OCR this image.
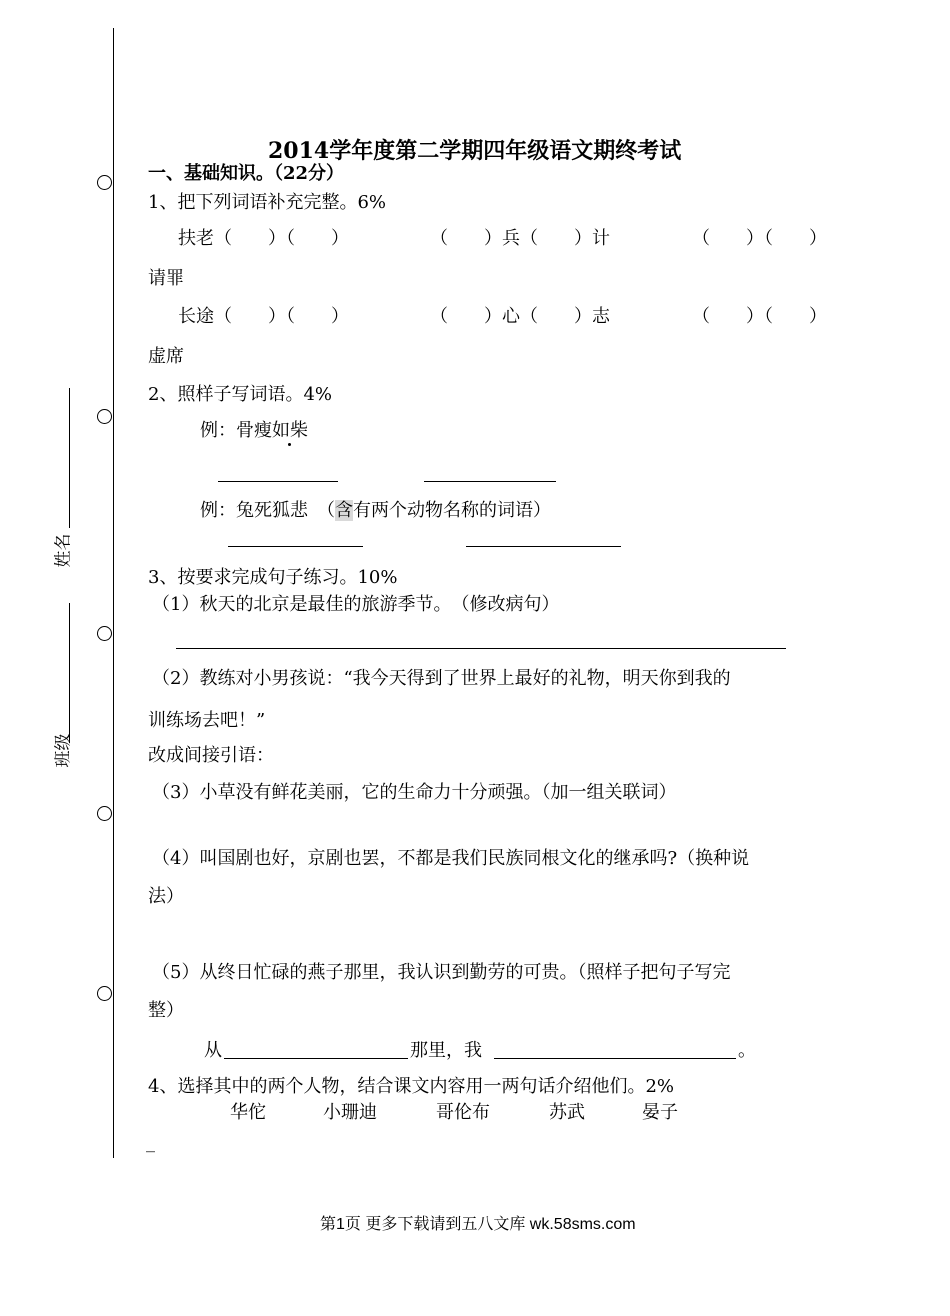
姓名
班级
2014学年度第二学期四年级语文期终考试
一、基础知识。（22分）
1、把下列词语补充完整。6%
扶老（　　）（　　）	（　　）兵（　　）计	（　　）（　　）
请罪
长途（　　）（　　）	（　　）心（　　）志	（　　）（　　）
虚席
2、照样子写词语。4%
例：骨瘦如柴
例：兔死狐悲　（含有两个动物名称的词语）
3、按要求完成句子练习。10%
（1）秋天的北京是最佳的旅游季节。　（修改病句）
（2）教练对小男孩说：“我今天得到了世界上最好的礼物，明天你到我的
训练场去吧！”
改成间接引语：
（3）小草没有鲜花美丽，它的生命力十分顽强。（加一组关联词）
（4）叫国剧也好，京剧也罢，不都是我们民族同根文化的继承吗?（换种说
法）
（5）从终日忙碌的燕子那里，我认识到勤劳的可贵。（照样子把句子写完
整）
从	那里，我	。
4、选择其中的两个人物，结合课文内容用一两句话介绍他们。2%
华佗	小珊迪	哥伦布	苏武	晏子
_
第1页 更多下载请到五八文库 wk.58sms.com
